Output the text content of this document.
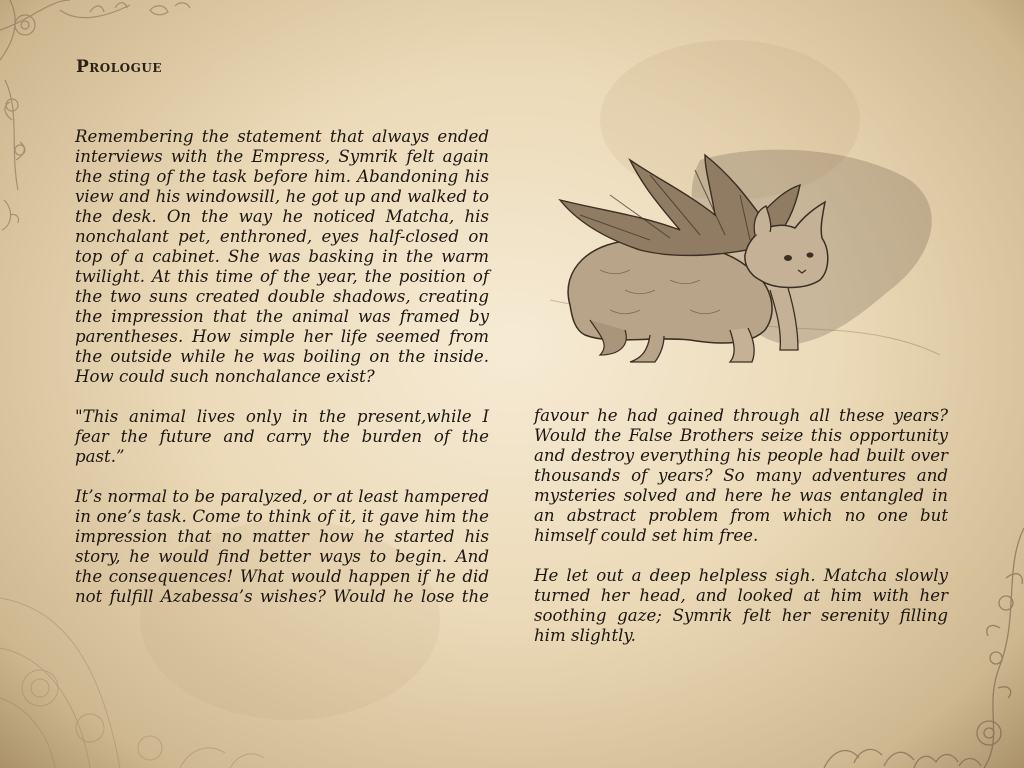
Prologue

Remembering the statement that always ended interviews with the Empress, Symrik felt again the sting of the task before him. Abandoning his view and his windowsill, he got up and walked to the desk. On the way he noticed Matcha, his nonchalant pet, enthroned, eyes half-closed on top of a cabinet. She was basking in the warm twilight. At this time of the year, the position of the two suns created double shadows, creating the impression that the animal was framed by parentheses. How simple her life seemed from the outside while he was boiling on the inside. How could such nonchalance exist?

"This animal lives only in the present,while I fear the future and carry the burden of the past.”

It’s normal to be paralyzed, or at least hampered in one’s task. Come to think of it, it gave him the impression that no matter how he started his story, he would find better ways to begin. And the consequences! What would happen if he did not fulfill Azabessa’s wishes? Would he lose the

favour he had gained through all these years? Would the False Brothers seize this opportunity and destroy everything his people had built over thousands of years? So many adventures and mysteries solved and here he was entangled in an abstract problem from which no one but himself could set him free.

He let out a deep helpless sigh. Matcha slowly turned her head, and looked at him with her soothing gaze; Symrik felt her serenity filling him slightly.
